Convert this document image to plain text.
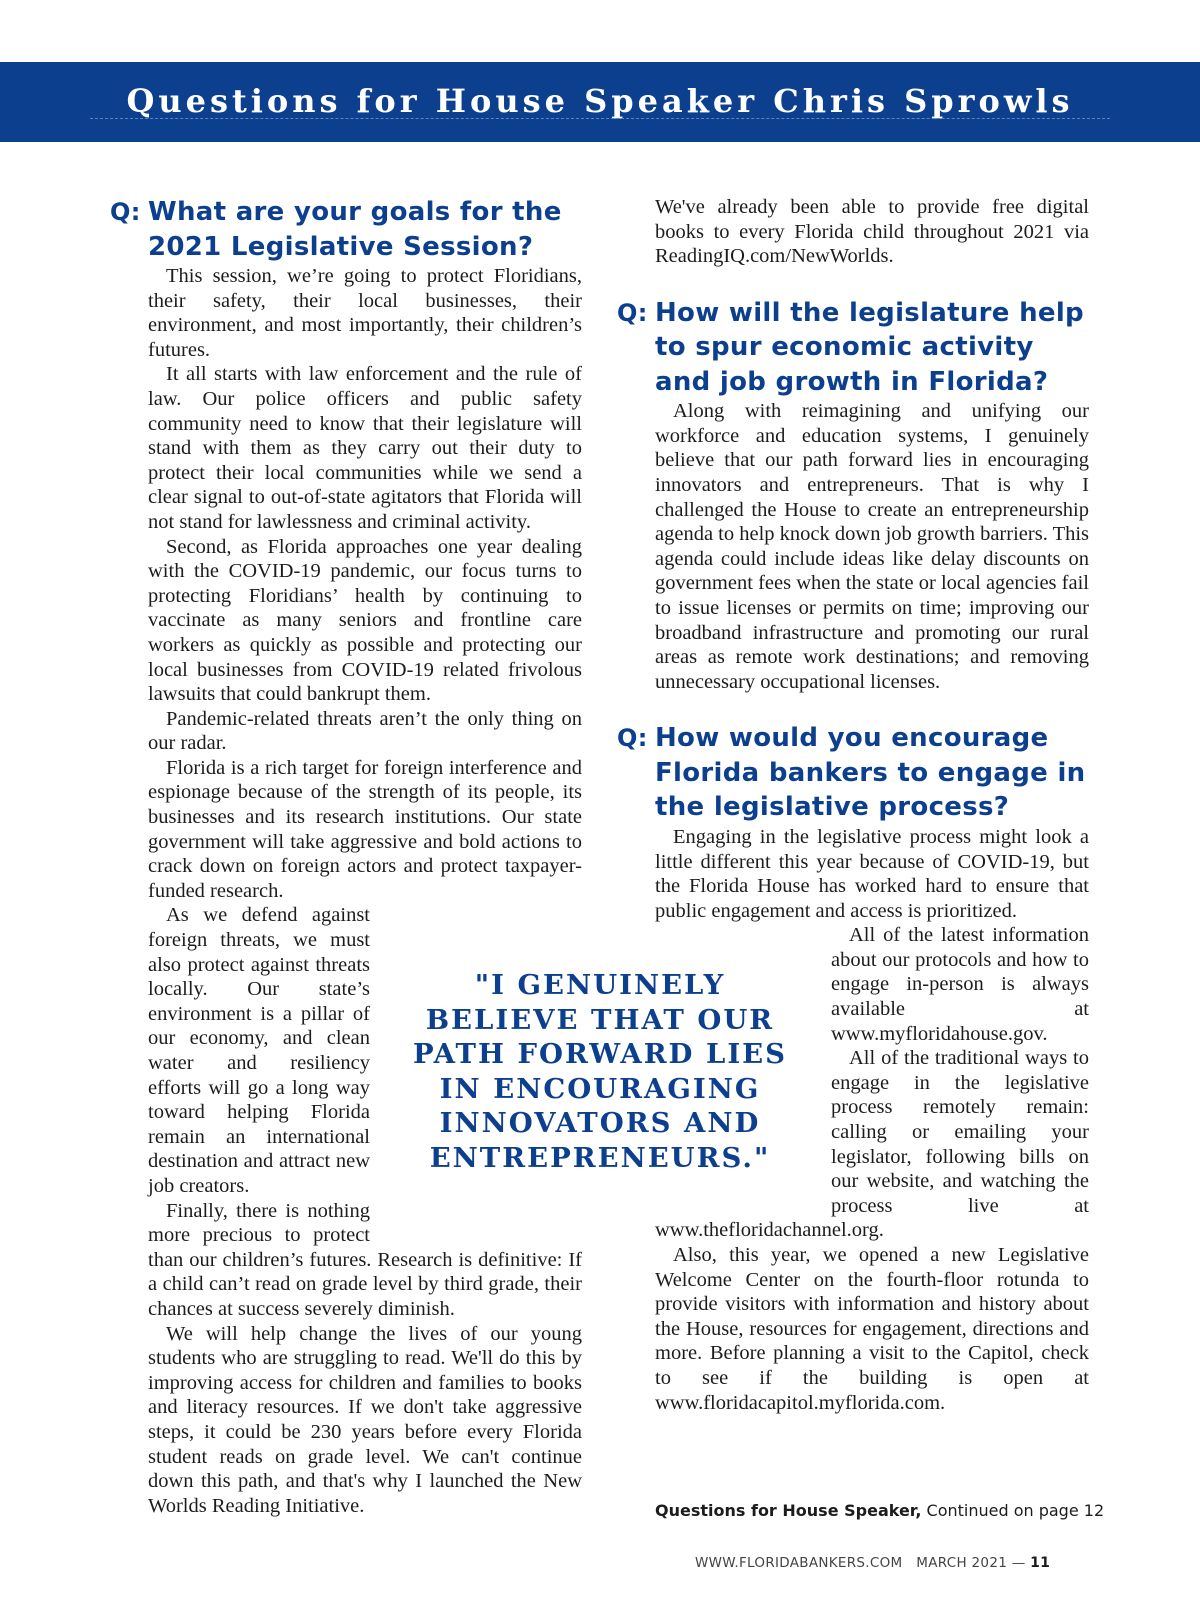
Questions for House Speaker Chris Sprowls
Q: What are your goals for the 2021 Legislative Session?

This session, we’re going to protect Floridians, their safety, their local businesses, their environment, and most importantly, their children’s futures.

It all starts with law enforcement and the rule of law. Our police officers and public safety community need to know that their legislature will stand with them as they carry out their duty to protect their local communities while we send a clear signal to out-of-state agitators that Florida will not stand for lawlessness and criminal activity.

Second, as Florida approaches one year dealing with the COVID-19 pandemic, our focus turns to protecting Floridians’ health by continuing to vaccinate as many seniors and frontline care workers as quickly as possible and protecting our local businesses from COVID-19 related frivolous lawsuits that could bankrupt them.

Pandemic-related threats aren’t the only thing on our radar.

Florida is a rich target for foreign interference and espionage because of the strength of its people, its businesses and its research institutions. Our state government will take aggressive and bold actions to crack down on foreign actors and protect taxpayer-funded research.

As we defend against foreign threats, we must also protect against threats locally. Our state’s environment is a pillar of our economy, and clean water and resiliency efforts will go a long way toward helping Florida remain an international destination and attract new job creators.

Finally, there is nothing more precious to protect than our children’s futures. Research is definitive: If a child can’t read on grade level by third grade, their chances at success severely diminish.

We will help change the lives of our young students who are struggling to read. We'll do this by improving access for children and families to books and literacy resources. If we don't take aggressive steps, it could be 230 years before every Florida student reads on grade level. We can't continue down this path, and that's why I launched the New Worlds Reading Initiative.

"I GENUINELY BELIEVE THAT OUR PATH FORWARD LIES IN ENCOURAGING INNOVATORS AND ENTREPRENEURS."

We've already been able to provide free digital books to every Florida child throughout 2021 via ReadingIQ.com/NewWorlds.

Q: How will the legislature help to spur economic activity and job growth in Florida?

Along with reimagining and unifying our workforce and education systems, I genuinely believe that our path forward lies in encouraging innovators and entrepreneurs. That is why I challenged the House to create an entrepreneurship agenda to help knock down job growth barriers. This agenda could include ideas like delay discounts on government fees when the state or local agencies fail to issue licenses or permits on time; improving our broadband infrastructure and promoting our rural areas as remote work destinations; and removing unnecessary occupational licenses.

Q: How would you encourage Florida bankers to engage in the legislative process?

Engaging in the legislative process might look a little different this year because of COVID-19, but the Florida House has worked hard to ensure that public engagement and access is prioritized.

All of the latest information about our protocols and how to engage in-person is always available at www.myfloridahouse.gov.

All of the traditional ways to engage in the legislative process remotely remain: calling or emailing your legislator, following bills on our website, and watching the process live at www.thefloridachannel.org.

Also, this year, we opened a new Legislative Welcome Center on the fourth-floor rotunda to provide visitors with information and history about the House, resources for engagement, directions and more. Before planning a visit to the Capitol, check to see if the building is open at www.floridacapitol.myflorida.com.

Questions for House Speaker, Continued on page 12
WWW.FLORIDABANKERS.COM MARCH 2021 — 11
